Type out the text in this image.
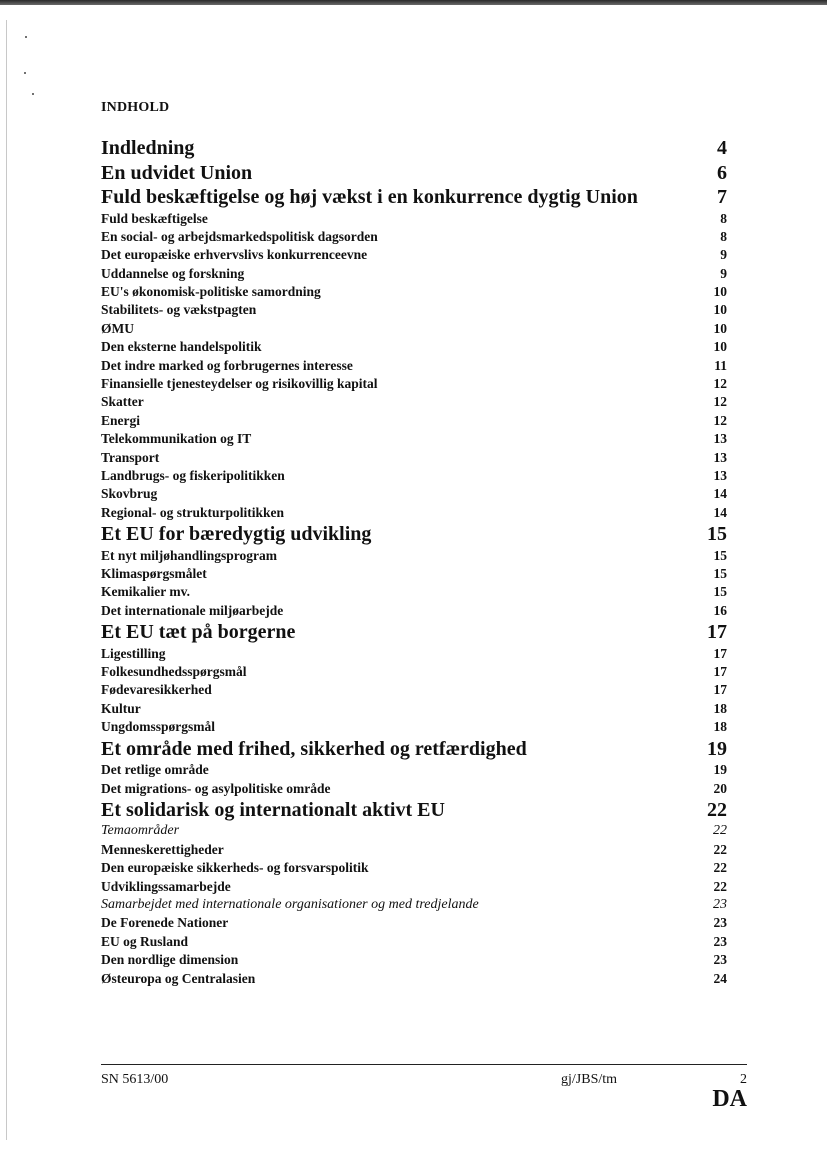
INDHOLD
Indledning	4
En udvidet Union	6
Fuld beskæftigelse og høj vækst i en konkurrence dygtig Union	7
Fuld beskæftigelse	8
En social- og arbejdsmarkedspolitisk dagsorden	8
Det europæiske erhvervslivs konkurrenceevne	9
Uddannelse og forskning	9
EU's økonomisk-politiske samordning	10
Stabilitets- og vækstpagten	10
ØMU	10
Den eksterne handelspolitik	10
Det indre marked og forbrugernes interesse	11
Finansielle tjenesteydelser og risikovillig kapital	12
Skatter	12
Energi	12
Telekommunikation og IT	13
Transport	13
Landbrugs- og fiskeripolitikken	13
Skovbrug	14
Regional- og strukturpolitikken	14
Et EU for bæredygtig udvikling	15
Et nyt miljøhandlingsprogram	15
Klimaspørgsmålet	15
Kemikalier mv.	15
Det internationale miljøarbejde	16
Et EU tæt på borgerne	17
Ligestilling	17
Folkesundhedsspørgsmål	17
Fødevaresikkerhed	17
Kultur	18
Ungdomsspørgsmål	18
Et område med frihed, sikkerhed og retfærdighed	19
Det retlige område	19
Det migrations- og asylpolitiske område	20
Et solidarisk og internationalt aktivt EU	22
Temaområder	22
Menneskerettigheder	22
Den europæiske sikkerheds- og forsvarspolitik	22
Udviklingssamarbejde	22
Samarbejdet med internationale organisationer og med tredjelande	23
De Forenede Nationer	23
EU og Rusland	23
Den nordlige dimension	23
Østeuropa og Centralasien	24
SN 5613/00	gj/JBS/tm	2
DA
